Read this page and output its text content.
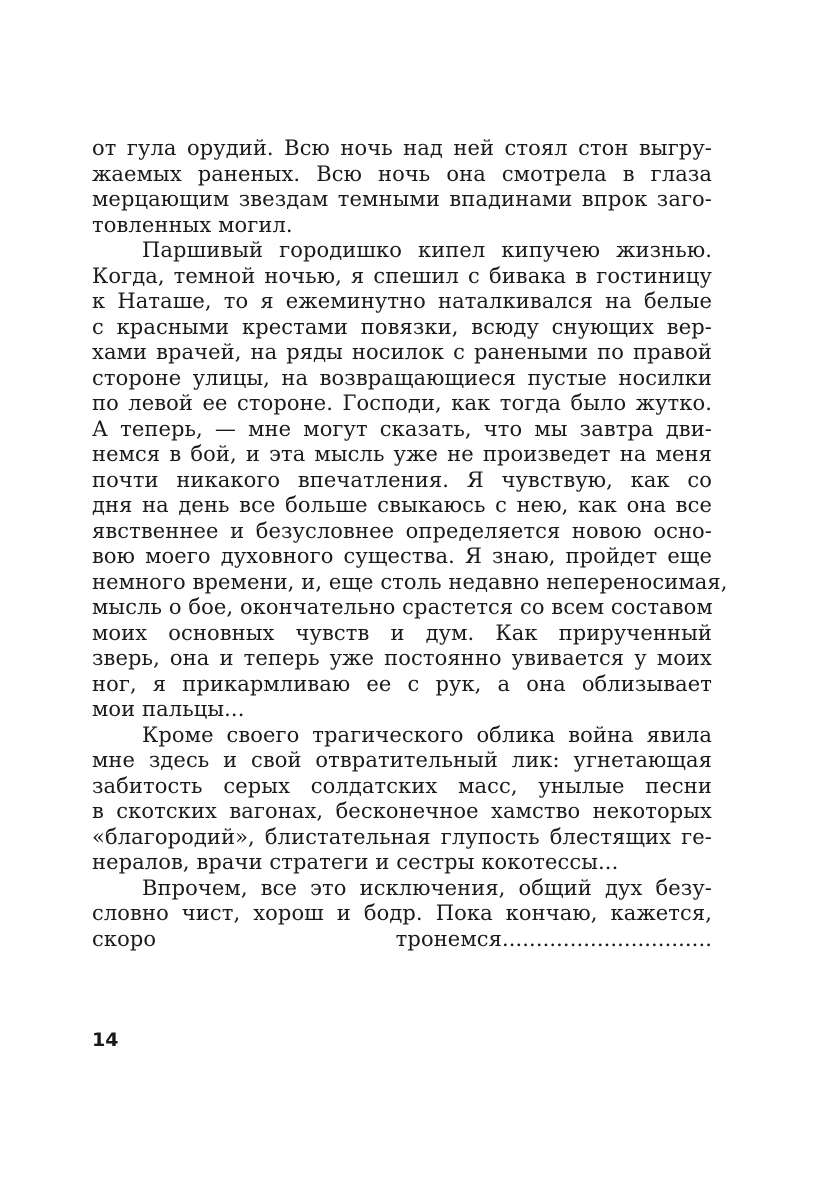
от гула орудий. Всю ночь над ней стоял стон выгру-
жаемых раненых. Всю ночь она смотрела в глаза
мерцающим звездам темными впадинами впрок заго-
товленных могил.
Паршивый городишко кипел кипучею жизнью.
Когда, темной ночью, я спешил с бивака в гостиницу
к Наташе, то я ежеминутно наталкивался на белые
с красными крестами повязки, всюду снующих вер-
хами врачей, на ряды носилок с ранеными по правой
стороне улицы, на возвращающиеся пустые носилки
по левой ее стороне. Господи, как тогда было жутко.
А теперь, — мне могут сказать, что мы завтра дви-
немся в бой, и эта мысль уже не произведет на меня
почти никакого впечатления. Я чувствую, как со
дня на день все больше свыкаюсь с нею, как она все
явственнее и безусловнее определяется новою осно-
вою моего духовного существа. Я знаю, пройдет еще
немного времени, и, еще столь недавно непереносимая,
мысль о бое, окончательно срастется со всем составом
моих основных чувств и дум. Как прирученный
зверь, она и теперь уже постоянно увивается у моих
ног, я прикармливаю ее с рук, а она облизывает
мои пальцы...
Кроме своего трагического облика война явила
мне здесь и свой отвратительный лик: угнетающая
забитость серых солдатских масс, унылые песни
в скотских вагонах, бесконечное хамство некоторых
«благородий», блистательная глупость блестящих ге-
нералов, врачи стратеги и сестры кокотессы...
Впрочем, все это исключения, общий дух безу-
словно чист, хорош и бодр. Пока кончаю, кажется,
скоро тронемся...............................
14
